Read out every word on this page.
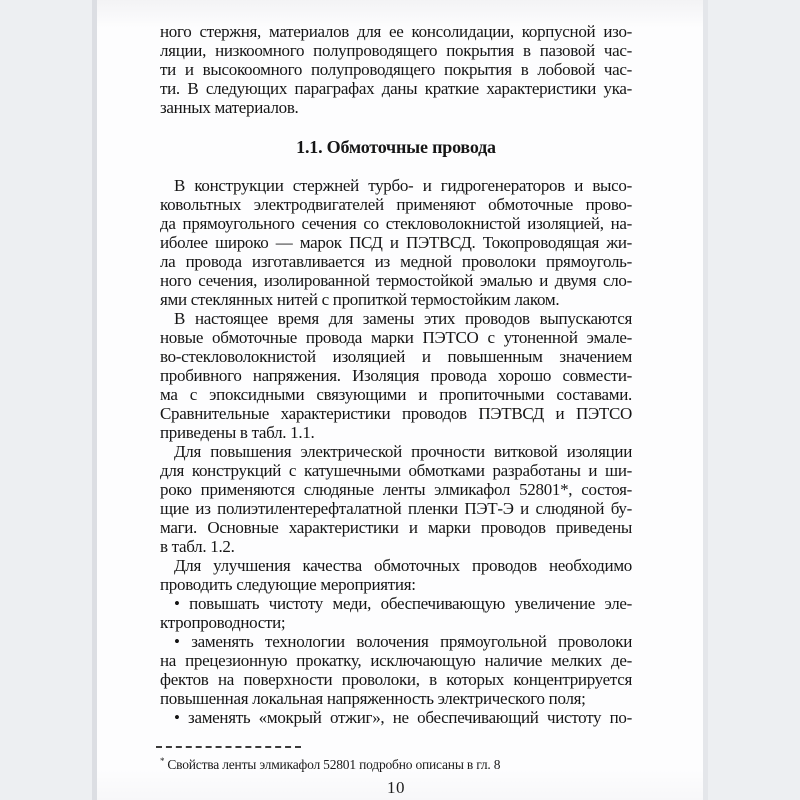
ного стержня, материалов для ее консолидации, корпусной изо-
ляции, низкоомного полупроводящего покрытия в пазовой час-
ти и высокоомного полупроводящего покрытия в лобовой час-
ти. В следующих параграфах даны краткие характеристики ука-
занных материалов.

1.1. Обмоточные провода

В конструкции стержней турбо- и гидрогенераторов и высо-
ковольтных электродвигателей применяют обмоточные прово-
да прямоугольного сечения со стекловолокнистой изоляцией, на-
иболее широко — марок ПСД и ПЭТВСД. Токопроводящая жи-
ла провода изготавливается из медной проволоки прямоуголь-
ного сечения, изолированной термостойкой эмалью и двумя сло-
ями стеклянных нитей с пропиткой термостойким лаком.

В настоящее время для замены этих проводов выпускаются
новые обмоточные провода марки ПЭТСО с утоненной эмале-
во-стекловолокнистой изоляцией и повышенным значением
пробивного напряжения. Изоляция провода хорошо совмести-
ма с эпоксидными связующими и пропиточными составами.
Сравнительные характеристики проводов ПЭТВСД и ПЭТСО
приведены в табл. 1.1.

Для повышения электрической прочности витковой изоляции
для конструкций с катушечными обмотками разработаны и ши-
роко применяются слюдяные ленты элмикафол 52801*, состоя-
щие из полиэтилентерефталатной пленки ПЭТ-Э и слюдяной бу-
маги. Основные характеристики и марки проводов приведены
в табл. 1.2.

Для улучшения качества обмоточных проводов необходимо
проводить следующие мероприятия:

• повышать чистоту меди, обеспечивающую увеличение эле-
ктропроводности;

• заменять технологии волочения прямоугольной проволоки
на прецезионную прокатку, исключающую наличие мелких де-
фектов на поверхности проволоки, в которых концентрируется
повышенная локальная напряженность электрического поля;

• заменять «мокрый отжиг», не обеспечивающий чистоту по-

* Свойства ленты элмикафол 52801 подробно описаны в гл. 8
10
